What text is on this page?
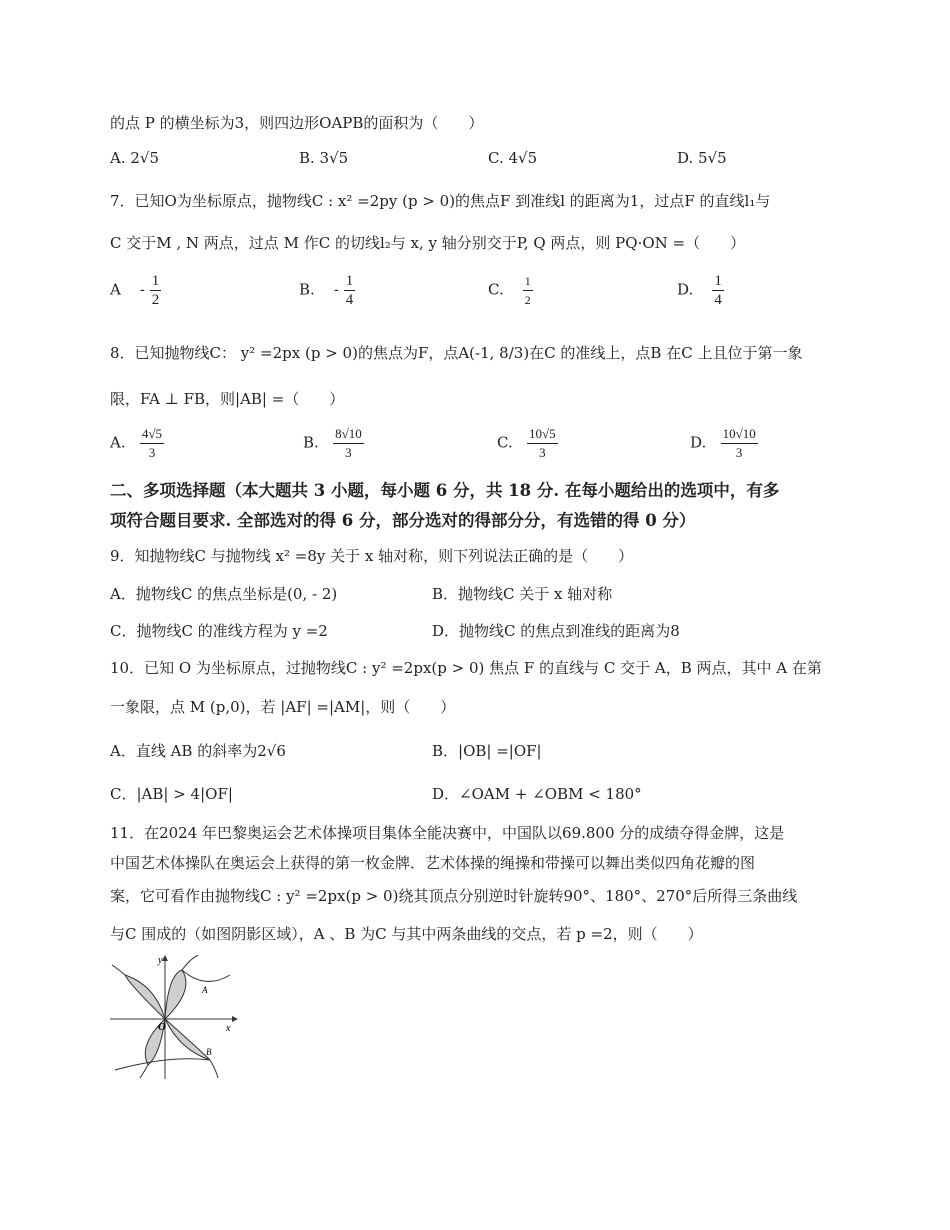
的点 P 的横坐标为3，则四边形OAPB的面积为（　　）
A. 2√5	B. 3√5	C. 4√5	D. 5√5
7．已知O为坐标原点，抛物线C : x² =2py (p > 0)的焦点F 到准线l 的距离为1，过点F 的直线l₁与
C 交于M , N 两点，过点 M 作C 的切线l₂与 x, y 轴分别交于P, Q 两点，则 PQ·ON =（　　）
A - $\frac{1}{2}$	B. - $\frac{1}{4}$	C. $\frac{1}{2}$	D. $\frac{1}{4}$
8．已知抛物线C： y² =2px (p > 0)的焦点为F，点A(-1, 8/3)在C 的准线上，点B 在C 上且位于第一象
限，FA ⊥ FB，则|AB| =（　　）
A. $\frac{4√5}{3}$	B. $\frac{8√10}{3}$	C. $\frac{10√5}{3}$	D. $\frac{10√10}{3}$
二、多项选择题（本大题共 3 小题，每小题 6 分，共 18 分. 在每小题给出的选项中，有多
项符合题目要求. 全部选对的得 6 分，部分选对的得部分分，有选错的得 0 分）
9．知抛物线C 与抛物线 x² =8y 关于 x 轴对称，则下列说法正确的是（　　）
A．抛物线C 的焦点坐标是(0, - 2)	B．抛物线C 关于 x 轴对称
C．抛物线C 的准线方程为 y =2	D．抛物线C 的焦点到准线的距离为8
10．已知 O 为坐标原点，过抛物线C : y² =2px(p > 0) 焦点 F 的直线与 C 交于 A，B 两点，其中 A 在第
一象限，点 M (p,0)，若 |AF| =|AM|，则（　　）
A．直线 AB 的斜率为2√6	B．|OB| =|OF|
C．|AB| > 4|OF|	D．∠OAM + ∠OBM < 180°
11．在2024 年巴黎奥运会艺术体操项目集体全能决赛中，中国队以69.800 分的成绩夺得金牌，这是
中国艺术体操队在奥运会上获得的第一枚金牌．艺术体操的绳操和带操可以舞出类似四角花瓣的图
案，它可看作由抛物线C : y² =2px(p > 0)绕其顶点分别逆时针旋转90°、180°、270°后所得三条曲线
与C 围成的（如图阴影区域），A 、B 为C 与其中两条曲线的交点，若 p =2，则（　　）
y
x
O
A
B
